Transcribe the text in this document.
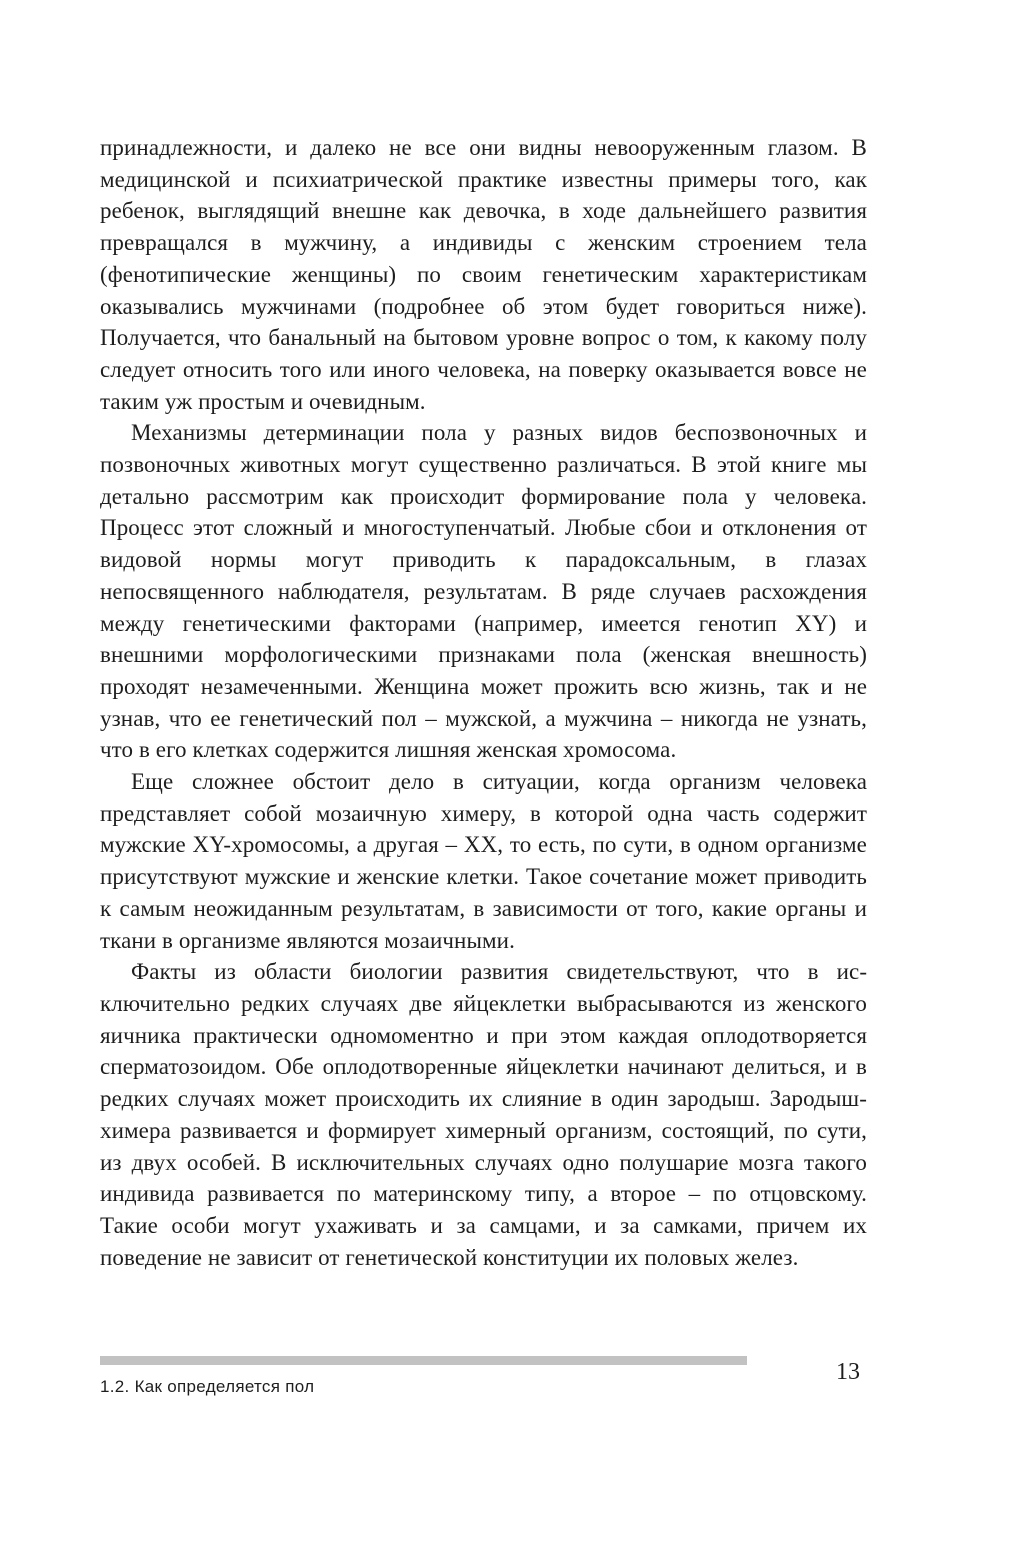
принадлежности, и далеко не все они видны невооруженным глазом. В медицинской и психиатрической практике известны примеры того, как ребенок, выглядящий внешне как девочка, в ходе дальнейшего развития превращался в мужчину, а индивиды с женским строением тела (фенотипические женщины) по своим генетическим характеристикам оказывались мужчинами (подробнее об этом будет говориться ниже). Получается, что банальный на бытовом уровне вопрос о том, к какому полу следует относить того или иного человека, на поверку оказывается вовсе не таким уж простым и очевидным.

Механизмы детерминации пола у разных видов беспозвоночных и позвоночных животных могут существенно различаться. В этой книге мы детально рассмотрим как происходит формирование пола у человека. Процесс этот сложный и многоступенчатый. Любые сбои и отклонения от видовой нормы могут приводить к парадоксальным, в глазах непосвященного наблюдателя, результатам. В ряде случаев расхождения между генетическими факторами (например, имеется генотип XY) и внешними морфологическими признаками пола (женская внешность) проходят незамеченными. Женщина может прожить всю жизнь, так и не узнав, что ее генетический пол – мужской, а мужчина – никогда не узнать, что в его клетках содержится лишняя женская хромосома.

Еще сложнее обстоит дело в ситуации, когда организм человека представляет собой мозаичную химеру, в которой одна часть содержит мужские XY-хромосомы, а другая – XX, то есть, по сути, в одном организме присутствуют мужские и женские клетки. Такое сочетание может приводить к самым неожиданным результатам, в зависимости от того, какие органы и ткани в организме являются мозаичными.

Факты из области биологии развития свидетельствуют, что в исключительно редких случаях две яйцеклетки выбрасываются из женского яичника практически одномоментно и при этом каждая оплодотворяется сперматозоидом. Обе оплодотворенные яйцеклетки начинают делиться, и в редких случаях может происходить их слияние в один зародыш. Зародыш-химера развивается и формирует химерный организм, состоящий, по сути, из двух особей. В исключительных случаях одно полушарие мозга такого индивида развивается по материнскому типу, а второе – по отцовскому. Такие особи могут ухаживать и за самцами, и за самками, причем их поведение не зависит от генетической конституции их половых желез.

13
1.2. Как определяется пол
